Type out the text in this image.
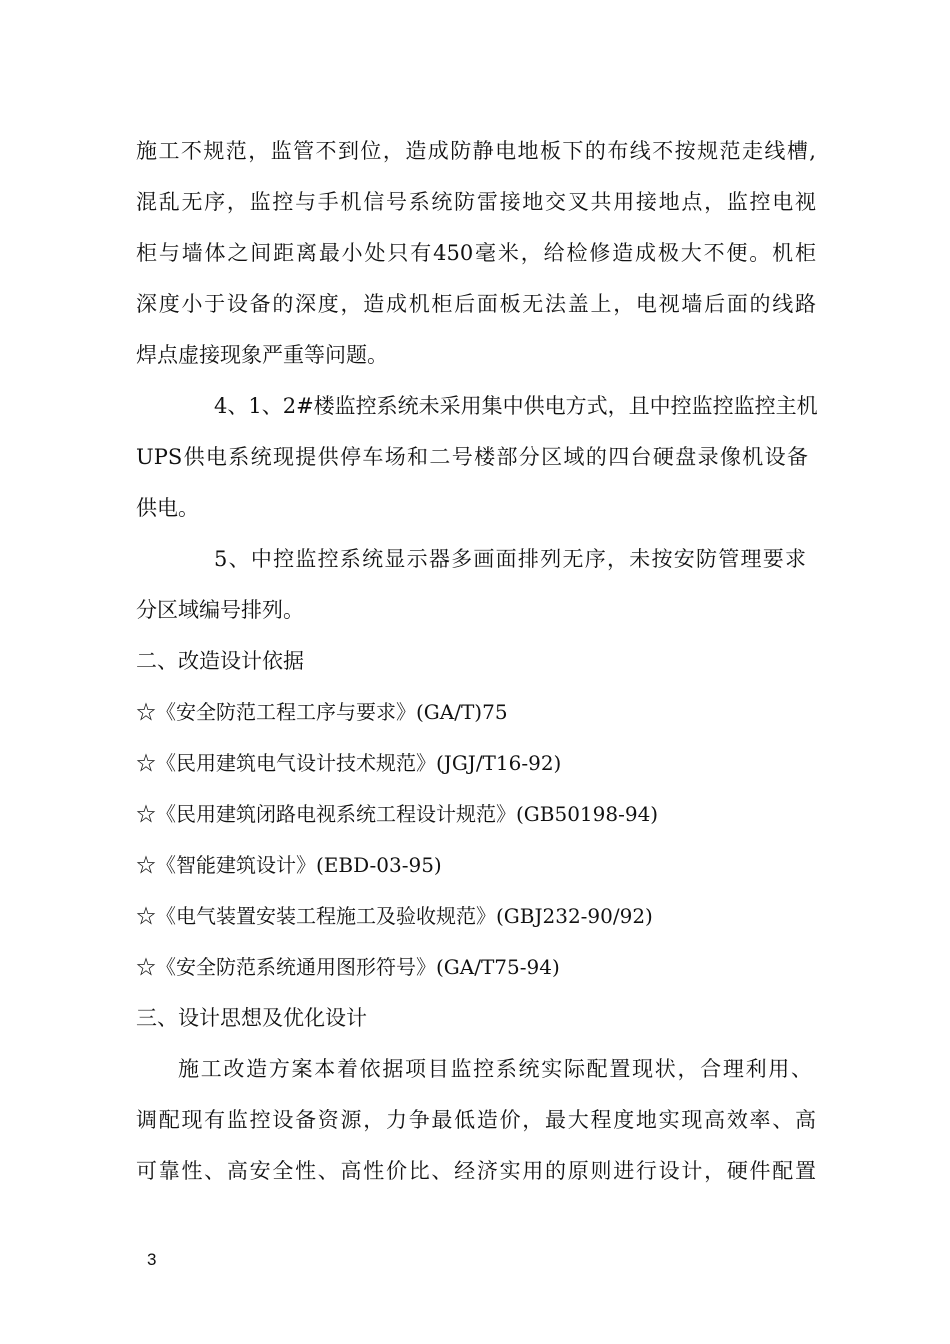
施工不规范，监管不到位，造成防静电地板下的布线不按规范走线槽,
混乱无序，监控与手机信号系统防雷接地交叉共用接地点，监控电视
柜与墙体之间距离最小处只有450毫米，给检修造成极大不便。机柜
深度小于设备的深度，造成机柜后面板无法盖上，电视墙后面的线路
焊点虚接现象严重等问题。
4、1、2#楼监控系统未采用集中供电方式，且中控监控监控主机
UPS供电系统现提供停车场和二号楼部分区域的四台硬盘录像机设备
供电。
5、中控监控系统显示器多画面排列无序，未按安防管理要求
分区域编号排列。
二、改造设计依据
☆《安全防范工程工序与要求》(GA/T)75
☆《民用建筑电气设计技术规范》(JGJ/T16-92)
☆《民用建筑闭路电视系统工程设计规范》(GB50198-94)
☆《智能建筑设计》(EBD-03-95)
☆《电气装置安装工程施工及验收规范》(GBJ232-90/92)
☆《安全防范系统通用图形符号》(GA/T75-94)
三、设计思想及优化设计
施工改造方案本着依据项目监控系统实际配置现状，合理利用、
调配现有监控设备资源，力争最低造价，最大程度地实现高效率、高
可靠性、高安全性、高性价比、经济实用的原则进行设计，硬件配置
3
